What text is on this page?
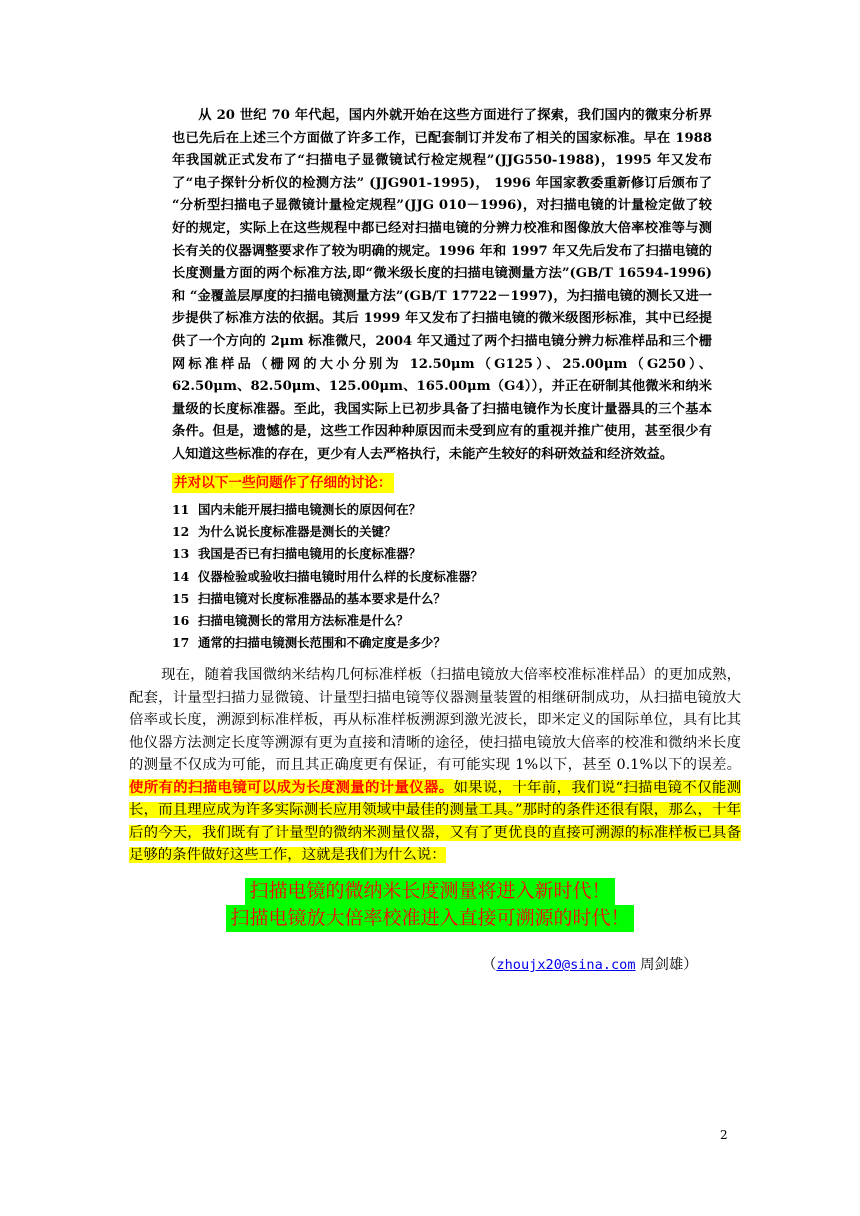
从 20 世纪 70 年代起，国内外就开始在这些方面进行了探索，我们国内的微束分析界也已先后在上述三个方面做了许多工作，已配套制订并发布了相关的国家标准。早在 1988 年我国就正式发布了“扫描电子显微镜试行检定规程”(JJG550-1988)，1995 年又发布了“电子探针分析仪的检测方法” (JJG901-1995)， 1996 年国家教委重新修订后颁布了 “分析型扫描电子显微镜计量检定规程”(JJG 010－1996)，对扫描电镜的计量检定做了较好的规定，实际上在这些规程中都已经对扫描电镜的分辨力校准和图像放大倍率校准等与测长有关的仪器调整要求作了较为明确的规定。1996 年和 1997 年又先后发布了扫描电镜的长度测量方面的两个标准方法,即“微米级长度的扫描电镜测量方法”(GB/T 16594-1996) 和 “金覆盖层厚度的扫描电镜测量方法”(GB/T 17722－1997)，为扫描电镜的测长又进一步提供了标准方法的依据。其后 1999 年又发布了扫描电镜的微米级图形标准，其中已经提供了一个方向的 2μm 标准微尺，2004 年又通过了两个扫描电镜分辨力标准样品和三个栅网标准样品（栅网的大小分别为 12.50μm（G125）、25.00μm（G250）、62.50μm、82.50μm、125.00μm、165.00μm（G4）），并正在研制其他微米和纳米量级的长度标准器。至此，我国实际上已初步具备了扫描电镜作为长度计量器具的三个基本条件。但是，遗憾的是，这些工作因种种原因而未受到应有的重视并推广使用，甚至很少有人知道这些标准的存在，更少有人去严格执行，未能产生较好的科研效益和经济效益。

并对以下一些问题作了仔细的讨论：

11 国内未能开展扫描电镜测长的原因何在？
12 为什么说长度标准器是测长的关键？
13 我国是否已有扫描电镜用的长度标准器？
14 仪器检验或验收扫描电镜时用什么样的长度标准器？
15 扫描电镜对长度标准器品的基本要求是什么？
16 扫描电镜测长的常用方法标准是什么？
17 通常的扫描电镜测长范围和不确定度是多少？

现在，随着我国微纳米结构几何标准样板（扫描电镜放大倍率校准标准样品）的更加成熟，配套，计量型扫描力显微镜、计量型扫描电镜等仪器测量装置的相继研制成功，从扫描电镜放大倍率或长度，溯源到标准样板，再从标准样板溯源到激光波长，即米定义的国际单位，具有比其他仪器方法测定长度等溯源有更为直接和清晰的途径，使扫描电镜放大倍率的校准和微纳米长度的测量不仅成为可能，而且其正确度更有保证，有可能实现 1%以下，甚至 0.1%以下的误差。使所有的扫描电镜可以成为长度测量的计量仪器。如果说，十年前，我们说“扫描电镜不仅能测长，而且理应成为许多实际测长应用领域中最佳的测量工具。”那时的条件还很有限，那么，十年后的今天，我们既有了计量型的微纳米测量仪器，又有了更优良的直接可溯源的标准样板已具备足够的条件做好这些工作，这就是我们为什么说：

扫描电镜的微纳米长度测量将进入新时代！
扫描电镜放大倍率校准进入直接可溯源的时代！
（zhoujx20@sina.com 周剑雄）
2
